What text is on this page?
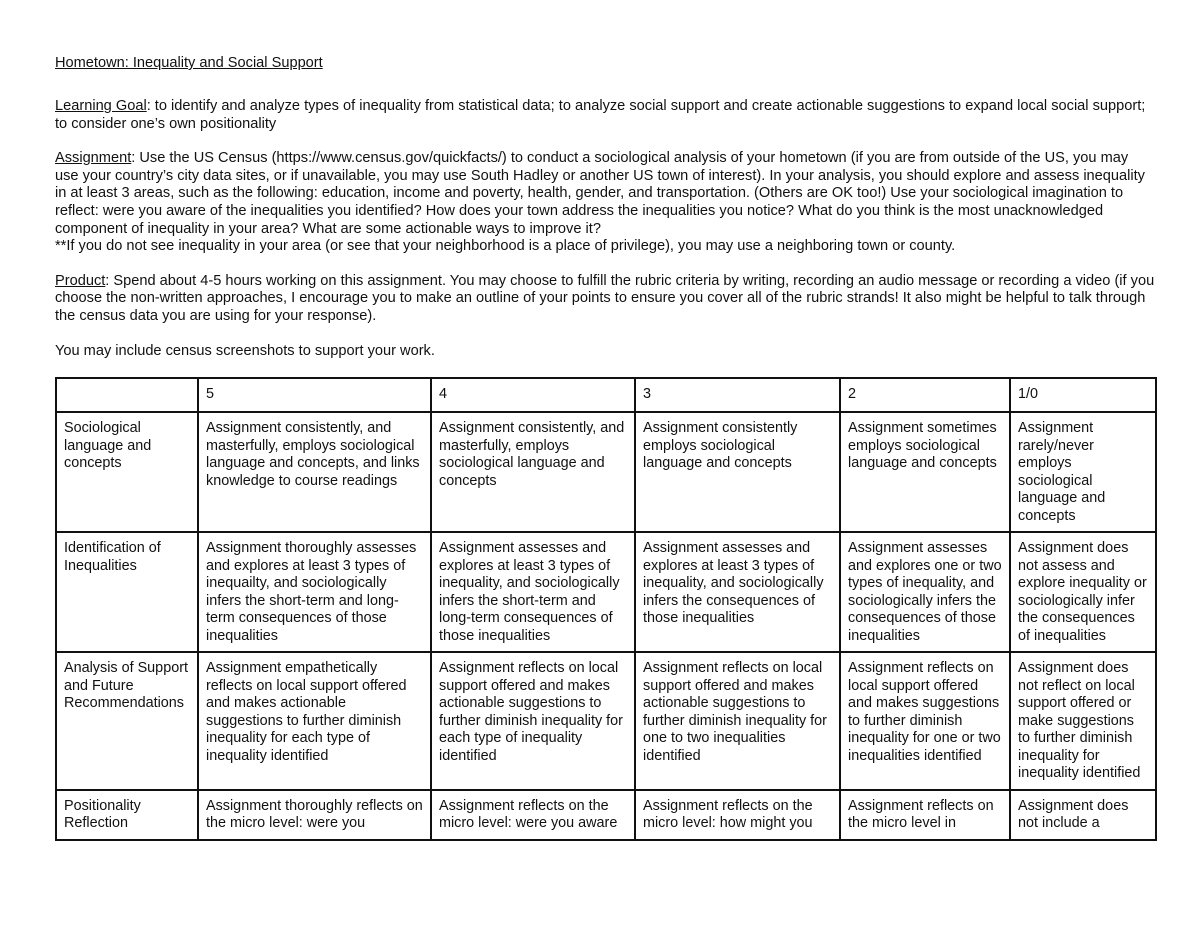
Hometown: Inequality and Social Support

Learning Goal: to identify and analyze types of inequality from statistical data; to analyze social support and create actionable suggestions to expand local social support; to consider one’s own positionality

Assignment: Use the US Census (https://www.census.gov/quickfacts/) to conduct a sociological analysis of your hometown (if you are from outside of the US, you may use your country’s city data sites, or if unavailable, you may use South Hadley or another US town of interest). In your analysis, you should explore and assess inequality in at least 3 areas, such as the following: education, income and poverty, health, gender, and transportation. (Others are OK too!) Use your sociological imagination to reflect: were you aware of the inequalities you identified? How does your town address the inequalities you notice? What do you think is the most unacknowledged component of inequality in your area? What are some actionable ways to improve it?

**If you do not see inequality in your area (or see that your neighborhood is a place of privilege), you may use a neighboring town or county.

Product: Spend about 4-5 hours working on this assignment. You may choose to fulfill the rubric criteria by writing, recording an audio message or recording a video (if you choose the non-written approaches, I encourage you to make an outline of your points to ensure you cover all of the rubric strands! It also might be helpful to talk through the census data you are using for your response).

You may include census screenshots to support your work.

	5	4	3	2	1/0
Sociological language and concepts	Assignment consistently, and masterfully, employs sociological language and concepts, and links knowledge to course readings	Assignment consistently, and masterfully, employs sociological language and concepts	Assignment consistently employs sociological language and concepts	Assignment sometimes employs sociological language and concepts	Assignment rarely/never employs sociological language and concepts
Identification of Inequalities	Assignment thoroughly assesses and explores at least 3 types of inequailty, and sociologically infers the short-term and long-term consequences of those inequalities	Assignment assesses and explores at least 3 types of inequality, and sociologically infers the short-term and long-term consequences of those inequalities	Assignment assesses and explores at least 3 types of inequality, and sociologically infers the consequences of those inequalities	Assignment assesses and explores one or two types of inequality, and sociologically infers the consequences of those inequalities	Assignment does not assess and explore inequality or sociologically infer the consequences of inequalities
Analysis of Support and Future Recommendations	Assignment empathetically reflects on local support offered and makes actionable suggestions to further diminish inequality for each type of inequality identified	Assignment reflects on local support offered and makes actionable suggestions to further diminish inequality for each type of inequality identified	Assignment reflects on local support offered and makes actionable suggestions to further diminish inequality for one to two inequalities identified	Assignment reflects on local support offered and makes suggestions to further diminish inequality for one or two inequalities identified	Assignment does not reflect on local support offered or make suggestions to further diminish inequality for inequality identified
Positionality Reflection	Assignment thoroughly reflects on the micro level: were you	Assignment reflects on the micro level: were you aware	Assignment reflects on the micro level: how might you	Assignment reflects on the micro level in	Assignment does not include a
